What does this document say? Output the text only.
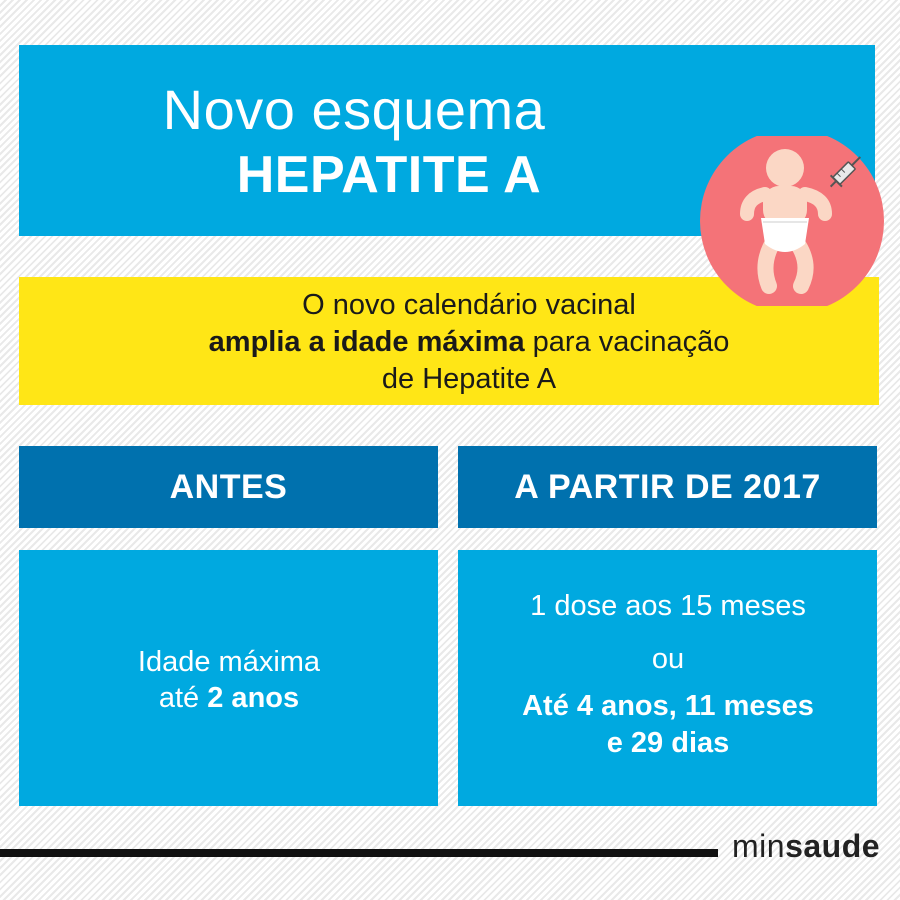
Novo esquema
HEPATITE A
O novo calendário vacinal
amplia a idade máxima para vacinação
de Hepatite A
ANTES	A PARTIR DE 2017
Idade máxima
até 2 anos
1 dose aos 15 meses
ou
Até 4 anos, 11 meses
e 29 dias
minsaude
